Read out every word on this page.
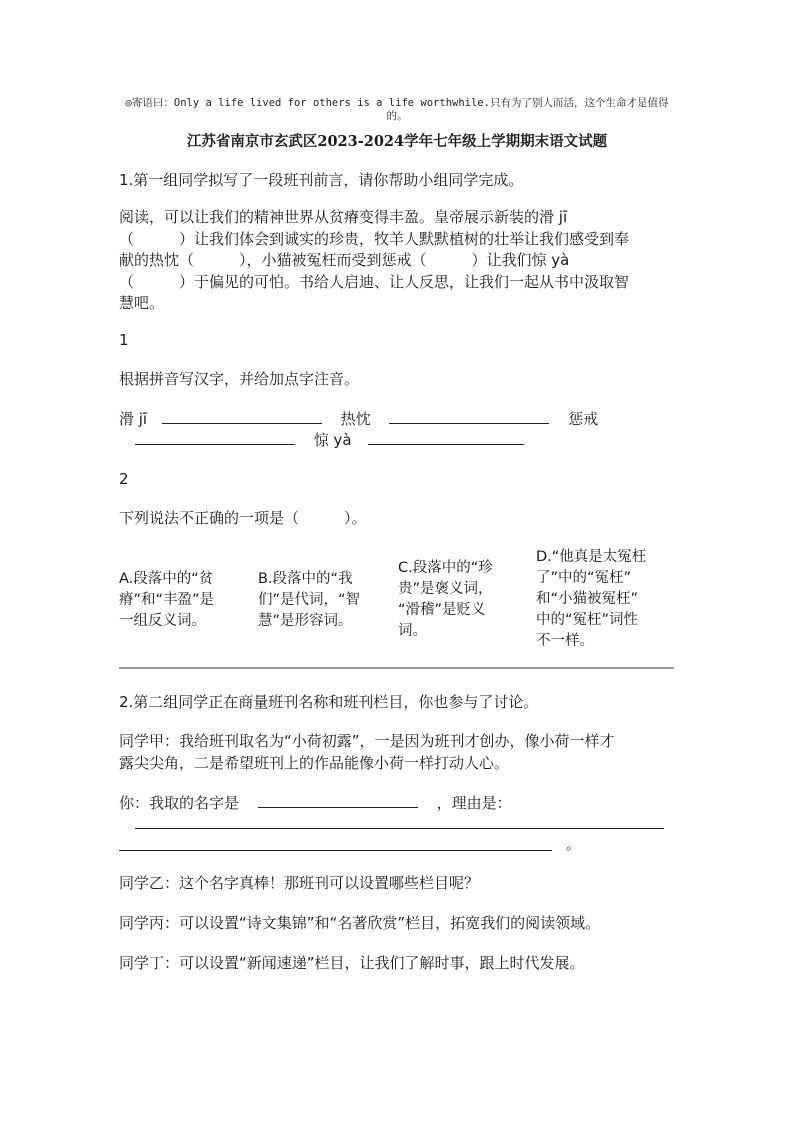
◎寄语曰：Only a life lived for others is a life worthwhile.只有为了别人而活，这个生命才是值得的。
江苏省南京市玄武区2023-2024学年七年级上学期期末语文试题
1.第一组同学拟写了一段班刊前言，请你帮助小组同学完成。
阅读，可以让我们的精神世界从贫瘠变得丰盈。皇帝展示新装的滑 jī
（　　　）让我们体会到诚实的珍贵，牧羊人默默植树的壮举让我们感受到奉
献的热忱（　　　），小猫被冤枉而受到惩戒（　　　）让我们惊 yà
（　　　）于偏见的可怕。书给人启迪、让人反思，让我们一起从书中汲取智
慧吧。
1
根据拼音写汉字，并给加点字注音。
滑 jī	热忱	惩戒
惊 yà
2
下列说法不正确的一项是（　　　）。
A.段落中的“贫
瘠”和“丰盈”是
一组反义词。
B.段落中的“我
们”是代词，“智
慧”是形容词。
C.段落中的“珍
贵”是褒义词，
“滑稽”是贬义
词。
D.“他真是太冤枉
了”中的“冤枉”
和“小猫被冤枉”
中的“冤枉”词性
不一样。
2.第二组同学正在商量班刊名称和班刊栏目，你也参与了讨论。
同学甲：我给班刊取名为“小荷初露”，一是因为班刊才创办，像小荷一样才
露尖尖角，二是希望班刊上的作品能像小荷一样打动人心。
你：我取的名字是	，理由是：
。
同学乙：这个名字真棒！那班刊可以设置哪些栏目呢？
同学丙：可以设置“诗文集锦”和“名著欣赏”栏目，拓宽我们的阅读领域。
同学丁：可以设置“新闻速递”栏目，让我们了解时事，跟上时代发展。
